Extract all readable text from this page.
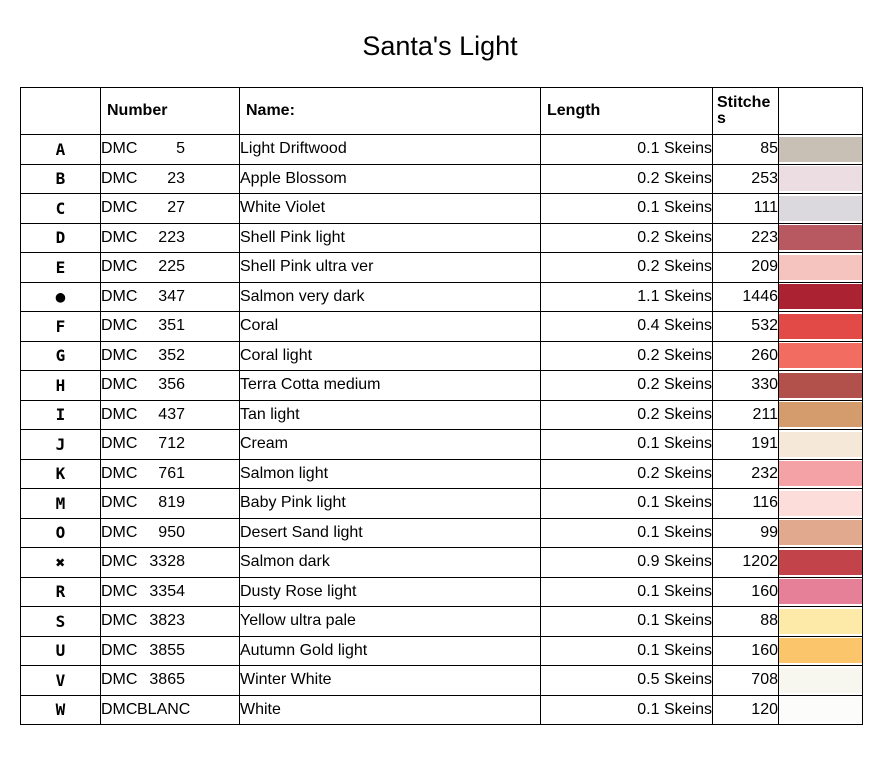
Santa's Light
	Number	Name:	Length	Stitches	
A	DMC 5	Light Driftwood	0.1 Skeins	85	

B	DMC 23	Apple Blossom	0.2 Skeins	253	

C	DMC 27	White Violet	0.1 Skeins	111	

D	DMC 223	Shell Pink light	0.2 Skeins	223	

E	DMC 225	Shell Pink ultra ver	0.2 Skeins	209	

●	DMC 347	Salmon very dark	1.1 Skeins	1446	

F	DMC 351	Coral	0.4 Skeins	532	

G	DMC 352	Coral light	0.2 Skeins	260	

H	DMC 356	Terra Cotta medium	0.2 Skeins	330	

I	DMC 437	Tan light	0.2 Skeins	211	

J	DMC 712	Cream	0.1 Skeins	191	

K	DMC 761	Salmon light	0.2 Skeins	232	

M	DMC 819	Baby Pink light	0.1 Skeins	116	

O	DMC 950	Desert Sand light	0.1 Skeins	99	

✖	DMC 3328	Salmon dark	0.9 Skeins	1202	

R	DMC 3354	Dusty Rose light	0.1 Skeins	160	

S	DMC 3823	Yellow ultra pale	0.1 Skeins	88	

U	DMC 3855	Autumn Gold light	0.1 Skeins	160	

V	DMC 3865	Winter White	0.5 Skeins	708	

W	DMCBLANC	White	0.1 Skeins	120	
